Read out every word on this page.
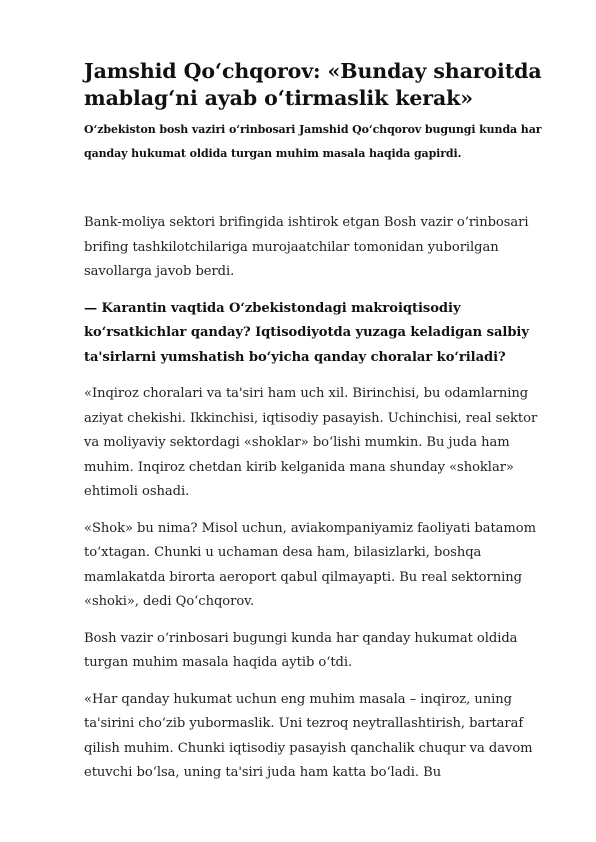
Jamshid Qo‘chqorov: «Bunday sharoitda mablag‘ni ayab o‘tirmaslik kerak»

O‘zbekiston bosh vaziri o‘rinbosari Jamshid Qo‘chqorov bugungi kunda har qanday hukumat oldida turgan muhim masala haqida gapirdi.

Bank-moliya sektori brifingida ishtirok etgan Bosh vazir o‘rinbosari brifing tashkilotchilariga murojaatchilar tomonidan yuborilgan savollarga javob berdi.

— Karantin vaqtida O‘zbekistondagi makroiqtisodiy ko‘rsatkichlar qanday? Iqtisodiyotda yuzaga keladigan salbiy ta'sirlarni yumshatish bo‘yicha qanday choralar ko‘riladi?

«Inqiroz choralari va ta'siri ham uch xil. Birinchisi, bu odamlarning aziyat chekishi. Ikkinchisi, iqtisodiy pasayish. Uchinchisi, real sektor va moliyaviy sektordagi «shoklar» bo‘lishi mumkin. Bu juda ham muhim. Inqiroz chetdan kirib kelganida mana shunday «shoklar» ehtimoli oshadi.

«Shok» bu nima? Misol uchun, aviakompaniyamiz faoliyati batamom to‘xtagan. Chunki u uchaman desa ham, bilasizlarki, boshqa mamlakatda birorta aeroport qabul qilmayapti. Bu real sektorning «shoki», dedi Qo‘chqorov.

Bosh vazir o‘rinbosari bugungi kunda har qanday hukumat oldida turgan muhim masala haqida aytib o‘tdi.

«Har qanday hukumat uchun eng muhim masala – inqiroz, uning ta'sirini cho‘zib yubormaslik. Uni tezroq neytrallashtirish, bartaraf qilish muhim. Chunki iqtisodiy pasayish qanchalik chuqur va davom etuvchi bo‘lsa, uning ta'siri juda ham katta bo‘ladi. Bu
